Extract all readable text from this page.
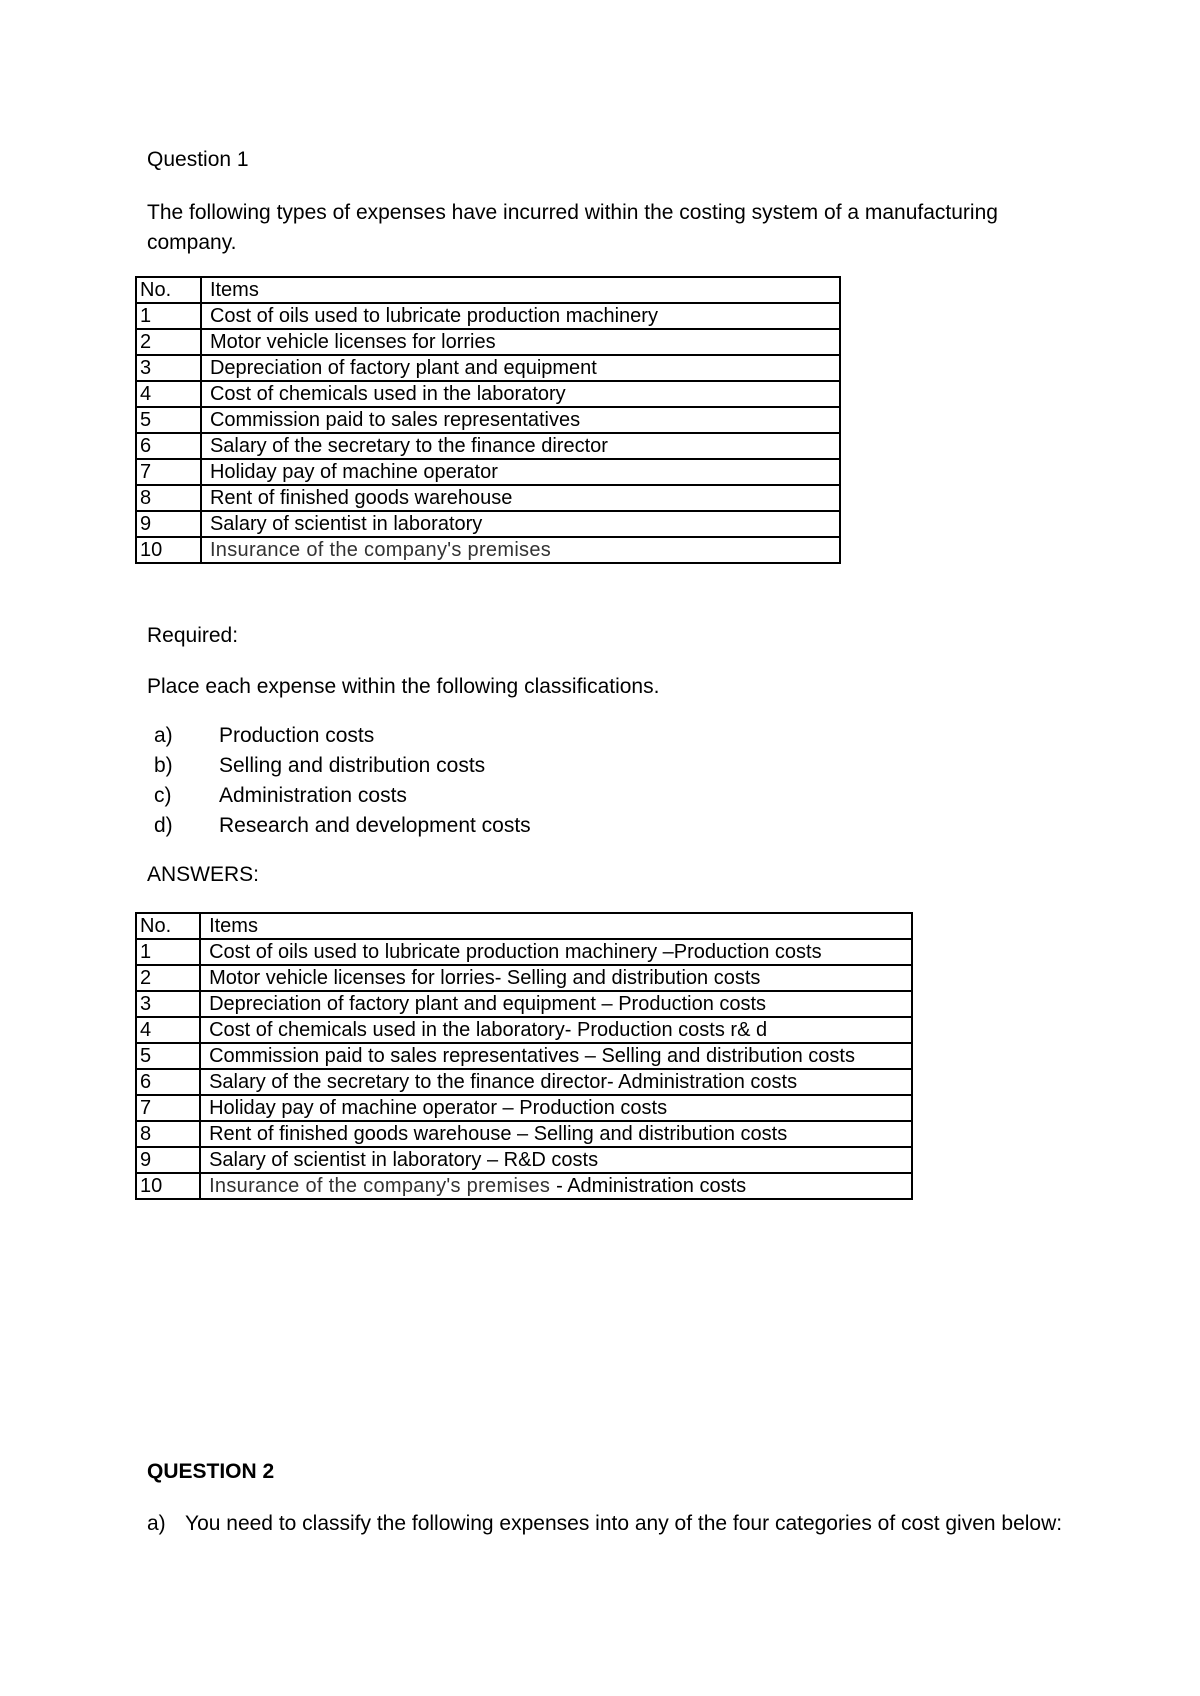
Question 1
The following types of expenses have incurred within the costing system of a manufacturing company.
No.	Items
1	Cost of oils used to lubricate production machinery
2	Motor vehicle licenses for lorries
3	Depreciation of factory plant and equipment
4	Cost of chemicals used in the laboratory
5	Commission paid to sales representatives
6	Salary of the secretary to the finance director
7	Holiday pay of machine operator
8	Rent of finished goods warehouse
9	Salary of scientist in laboratory
10	Insurance of the company's premises
Required:
Place each expense within the following classifications.
a) Production costs
b) Selling and distribution costs
c) Administration costs
d) Research and development costs
ANSWERS:
No.	Items
1	Cost of oils used to lubricate production machinery –Production costs
2	Motor vehicle licenses for lorries- Selling and distribution costs
3	Depreciation of factory plant and equipment – Production costs
4	Cost of chemicals used in the laboratory- Production costs r& d
5	Commission paid to sales representatives – Selling and distribution costs
6	Salary of the secretary to the finance director- Administration costs
7	Holiday pay of machine operator – Production costs
8	Rent of finished goods warehouse – Selling and distribution costs
9	Salary of scientist in laboratory – R&D costs
10	Insurance of the company's premises - Administration costs
QUESTION 2
a) You need to classify the following expenses into any of the four categories of cost given below:
